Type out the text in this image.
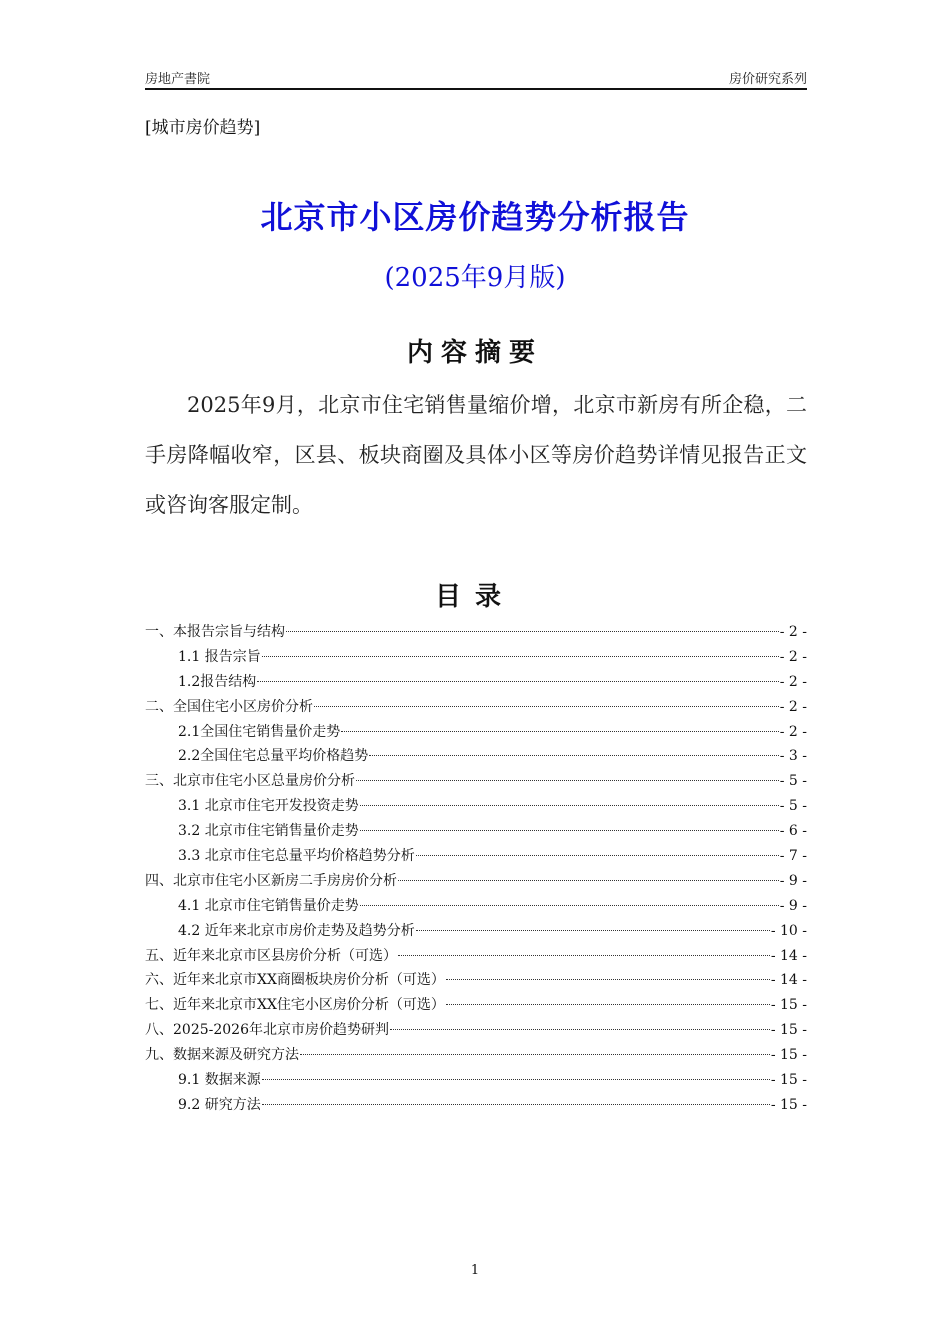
房地产書院	房价研究系列
[城市房价趋势]
北京市小区房价趋势分析报告
(2025年9月版)
内容摘要
2025年9月，北京市住宅销售量缩价增，北京市新房有所企稳，二手房降幅收窄，区县、板块商圈及具体小区等房价趋势详情见报告正文或咨询客服定制。
目录
一、本报告宗旨与结构	- 2 -
1.1 报告宗旨	- 2 -
1.2报告结构	- 2 -
二、全国住宅小区房价分析	- 2 -
2.1全国住宅销售量价走势	- 2 -
2.2全国住宅总量平均价格趋势	- 3 -
三、北京市住宅小区总量房价分析	- 5 -
3.1 北京市住宅开发投资走势	- 5 -
3.2 北京市住宅销售量价走势	- 6 -
3.3 北京市住宅总量平均价格趋势分析	- 7 -
四、北京市住宅小区新房二手房房价分析	- 9 -
4.1 北京市住宅销售量价走势	- 9 -
4.2 近年来北京市房价走势及趋势分析	- 10 -
五、近年来北京市区县房价分析（可选）	- 14 -
六、近年来北京市XX商圈板块房价分析（可选）	- 14 -
七、近年来北京市XX住宅小区房价分析（可选）	- 15 -
八、2025-2026年北京市房价趋势研判	- 15 -
九、数据来源及研究方法	- 15 -
9.1 数据来源	- 15 -
9.2 研究方法	- 15 -
1
